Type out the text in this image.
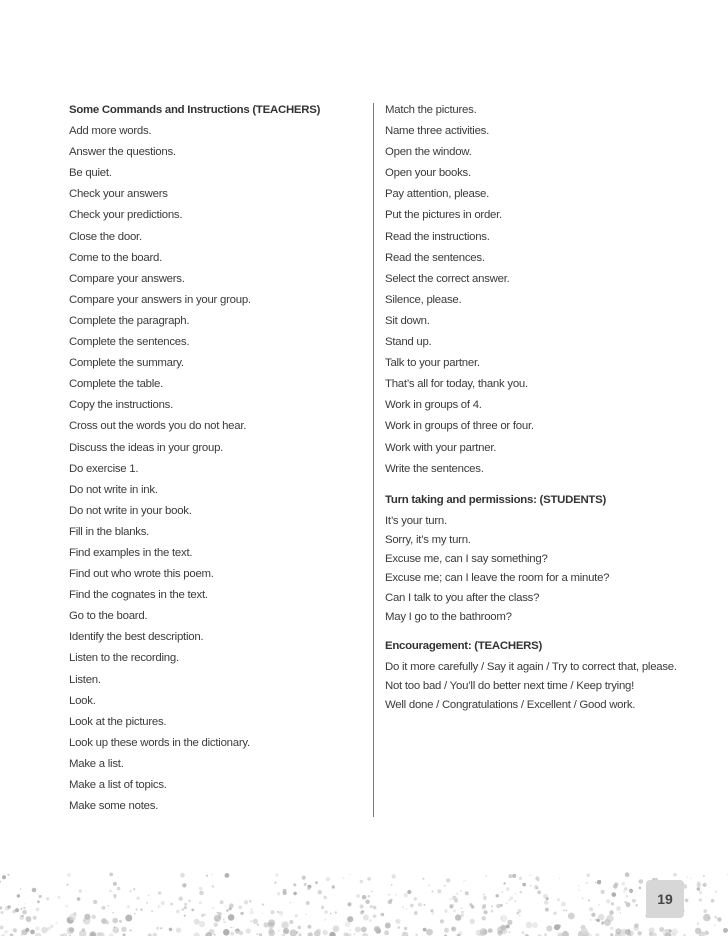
Some Commands and Instructions (TEACHERS)
Add more words.
Answer the questions.
Be quiet.
Check your answers
Check your predictions.
Close the door.
Come to the board.
Compare your answers.
Compare your answers in your group.
Complete the paragraph.
Complete the sentences.
Complete the summary.
Complete the table.
Copy the instructions.
Cross out the words you do not hear.
Discuss the ideas in your group.
Do exercise 1.
Do not write in ink.
Do not write in your book.
Fill in the blanks.
Find examples in the text.
Find out who wrote this poem.
Find the cognates in the text.
Go to the board.
Identify the best description.
Listen to the recording.
Listen.
Look.
Look at the pictures.
Look up these words in the dictionary.
Make a list.
Make a list of topics.
Make some notes.
Match the pictures.
Name three activities.
Open the window.
Open your books.
Pay attention, please.
Put the pictures in order.
Read the instructions.
Read the sentences.
Select the correct answer.
Silence, please.
Sit down.
Stand up.
Talk to your partner.
That’s all for today, thank you.
Work in groups of 4.
Work in groups of three or four.
Work with your partner.
Write the sentences.
Turn taking and permissions: (STUDENTS)
It’s your turn.
Sorry, it’s my turn.
Excuse me, can I say something?
Excuse me; can I leave the room for a minute?
Can I talk to you after the class?
May I go to the bathroom?
Encouragement: (TEACHERS)
Do it more carefully / Say it again / Try to correct that, please.
Not too bad / You’ll do better next time / Keep trying!
Well done / Congratulations / Excellent / Good work.
19
